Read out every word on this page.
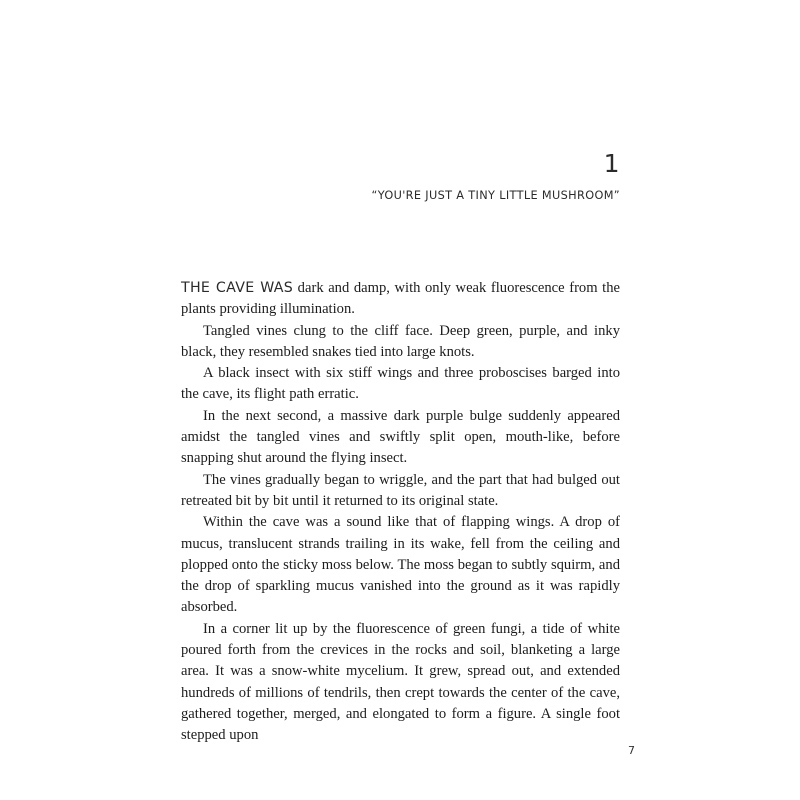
1
“YOU'RE JUST A TINY LITTLE MUSHROOM”

THE CAVE WAS dark and damp, with only weak fluorescence from the plants providing illumination.

Tangled vines clung to the cliff face. Deep green, purple, and inky black, they resembled snakes tied into large knots.

A black insect with six stiff wings and three proboscises barged into the cave, its flight path erratic.

In the next second, a massive dark purple bulge suddenly appeared amidst the tangled vines and swiftly split open, mouth-like, before snapping shut around the flying insect.

The vines gradually began to wriggle, and the part that had bulged out retreated bit by bit until it returned to its original state.

Within the cave was a sound like that of flapping wings. A drop of mucus, translucent strands trailing in its wake, fell from the ceiling and plopped onto the sticky moss below. The moss began to subtly squirm, and the drop of sparkling mucus vanished into the ground as it was rapidly absorbed.

In a corner lit up by the fluorescence of green fungi, a tide of white poured forth from the crevices in the rocks and soil, blanketing a large area. It was a snow-white mycelium. It grew, spread out, and extended hundreds of millions of tendrils, then crept towards the center of the cave, gathered together, merged, and elongated to form a figure. A single foot stepped upon

7
